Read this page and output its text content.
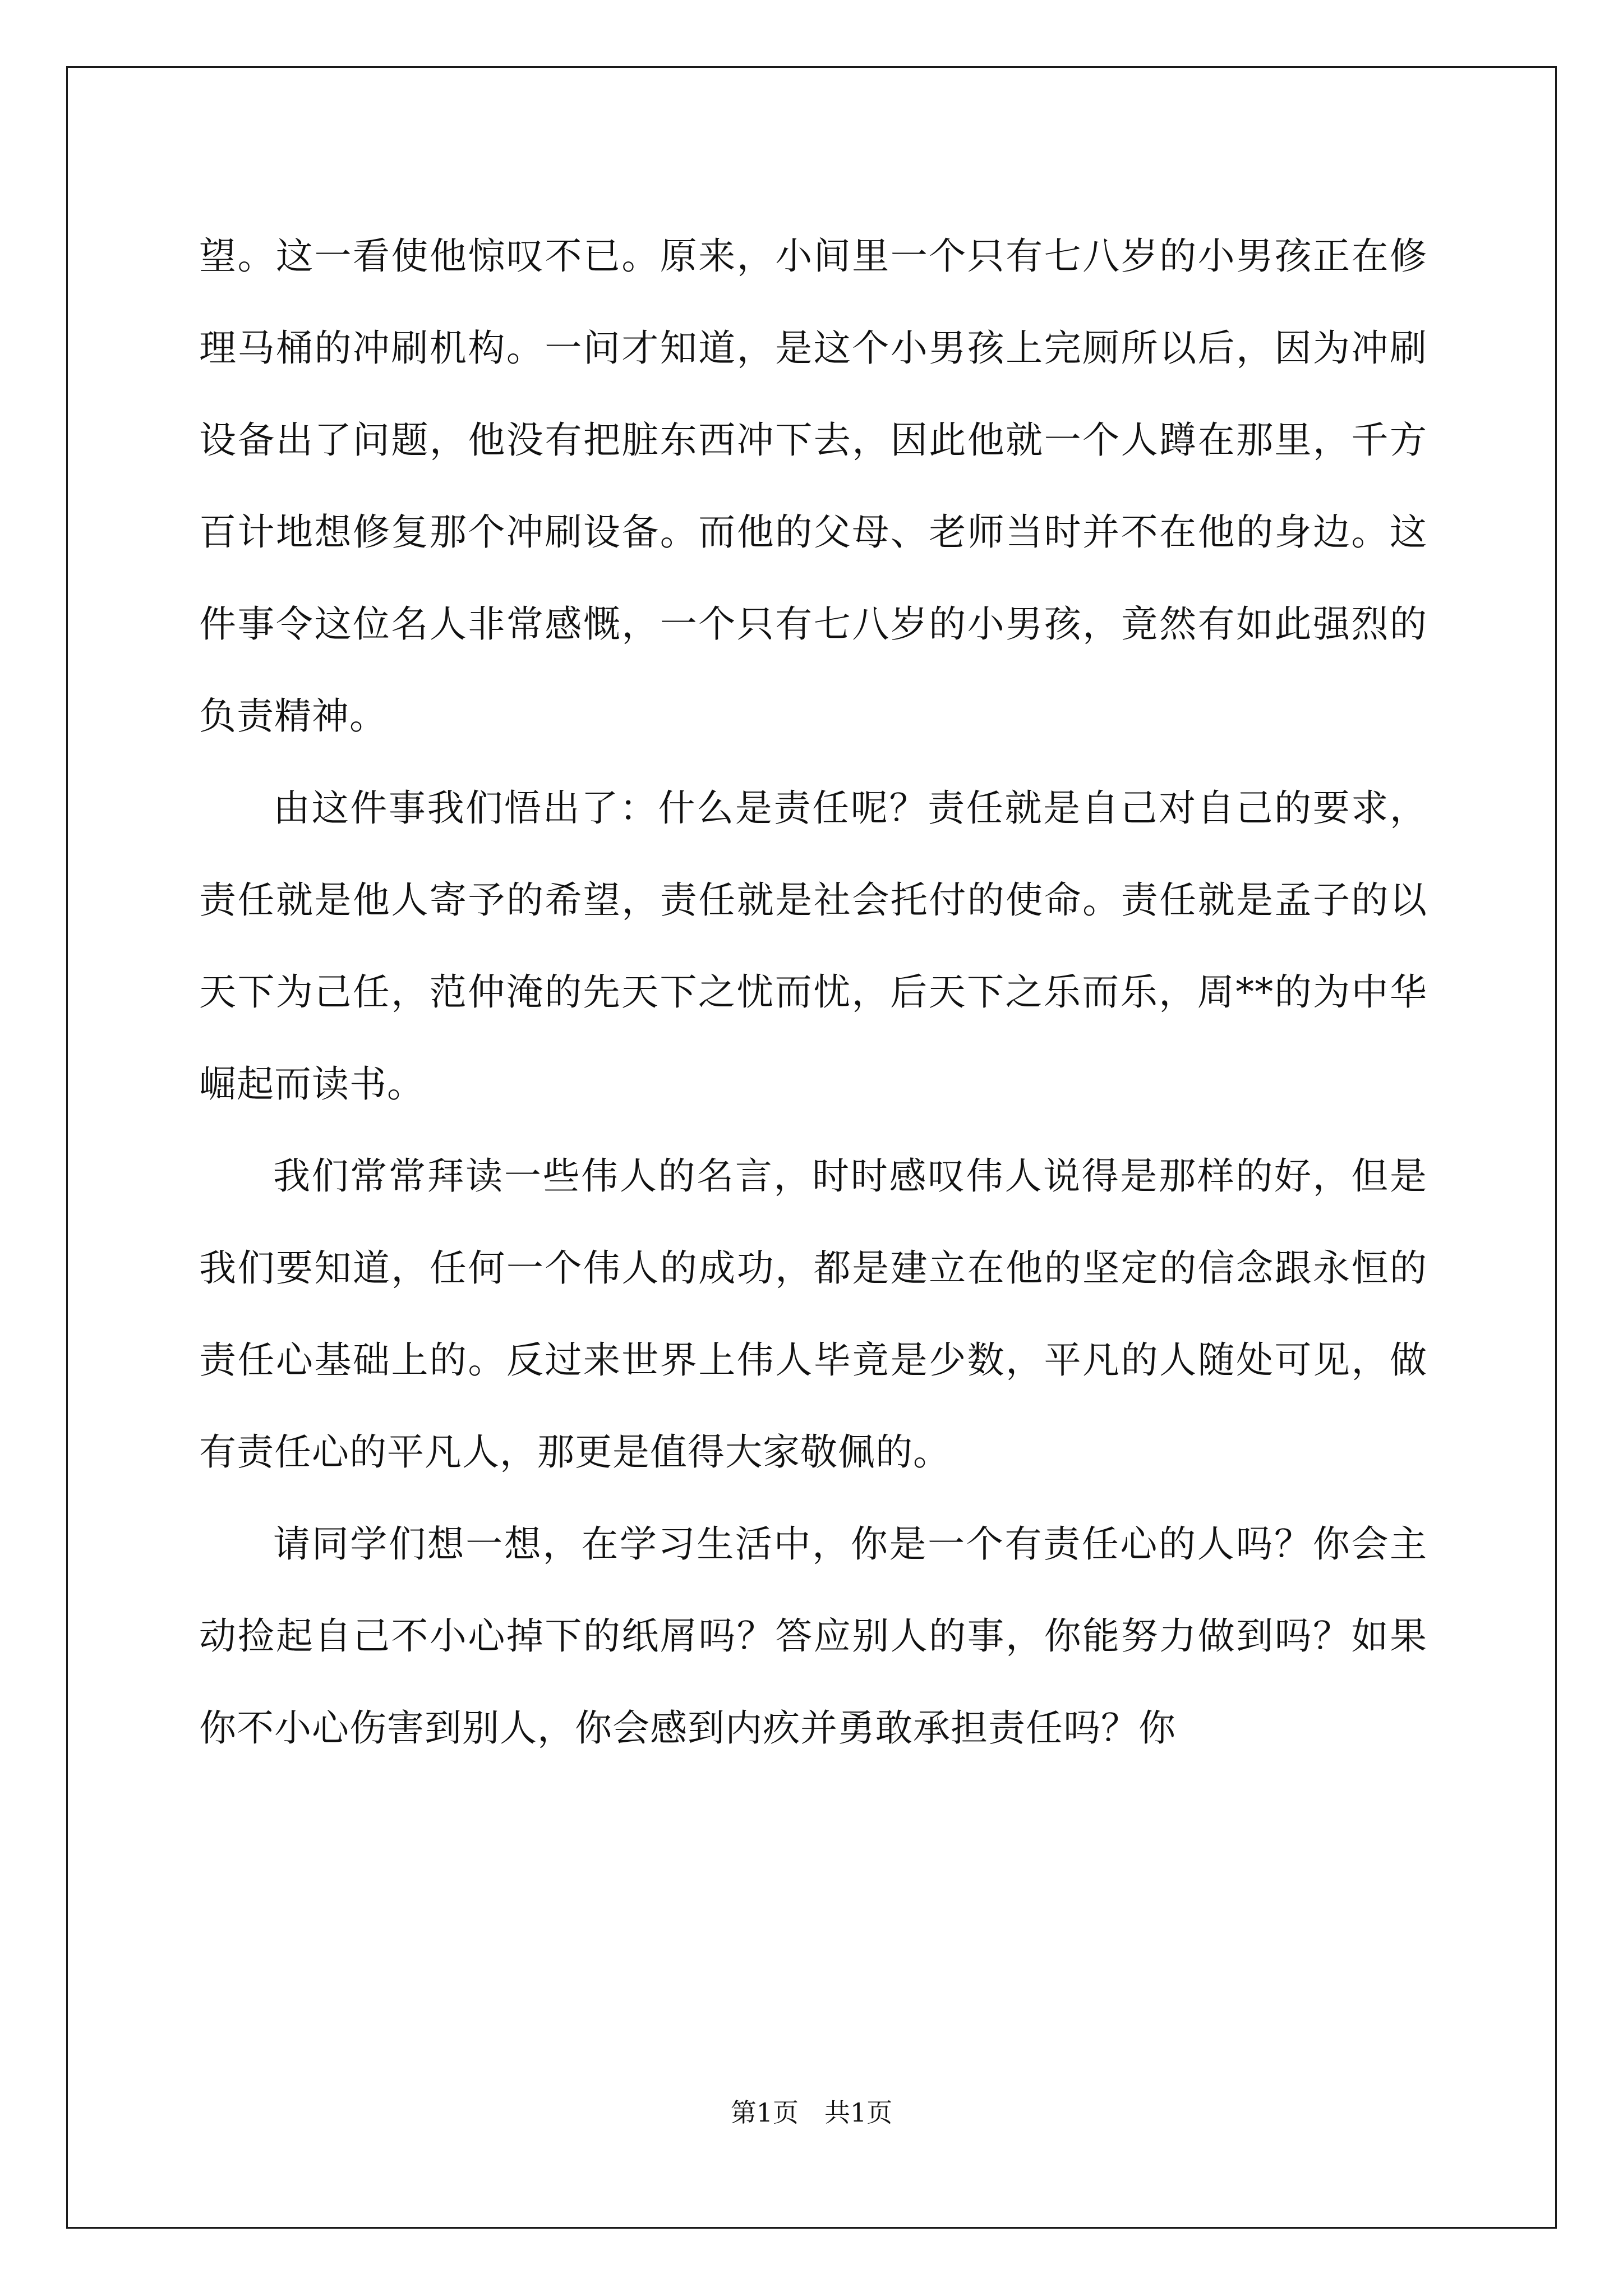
望。这一看使他惊叹不已。原来，小间里一个只有七八岁的小男孩正在修理马桶的冲刷机构。一问才知道，是这个小男孩上完厕所以后，因为冲刷设备出了问题，他没有把脏东西冲下去，因此他就一个人蹲在那里，千方百计地想修复那个冲刷设备。而他的父母、老师当时并不在他的身边。这件事令这位名人非常感慨，一个只有七八岁的小男孩，竟然有如此强烈的负责精神。

由这件事我们悟出了：什么是责任呢？责任就是自己对自己的要求，责任就是他人寄予的希望，责任就是社会托付的使命。责任就是孟子的以天下为己任，范仲淹的先天下之忧而忧，后天下之乐而乐，周**的为中华崛起而读书。

我们常常拜读一些伟人的名言，时时感叹伟人说得是那样的好，但是我们要知道，任何一个伟人的成功，都是建立在他的坚定的信念跟永恒的责任心基础上的。反过来世界上伟人毕竟是少数，平凡的人随处可见，做有责任心的平凡人，那更是值得大家敬佩的。

请同学们想一想，在学习生活中，你是一个有责任心的人吗？你会主动捡起自己不小心掉下的纸屑吗？答应别人的事，你能努力做到吗？如果你不小心伤害到别人，你会感到内疚并勇敢承担责任吗？你

第1页 共1页
